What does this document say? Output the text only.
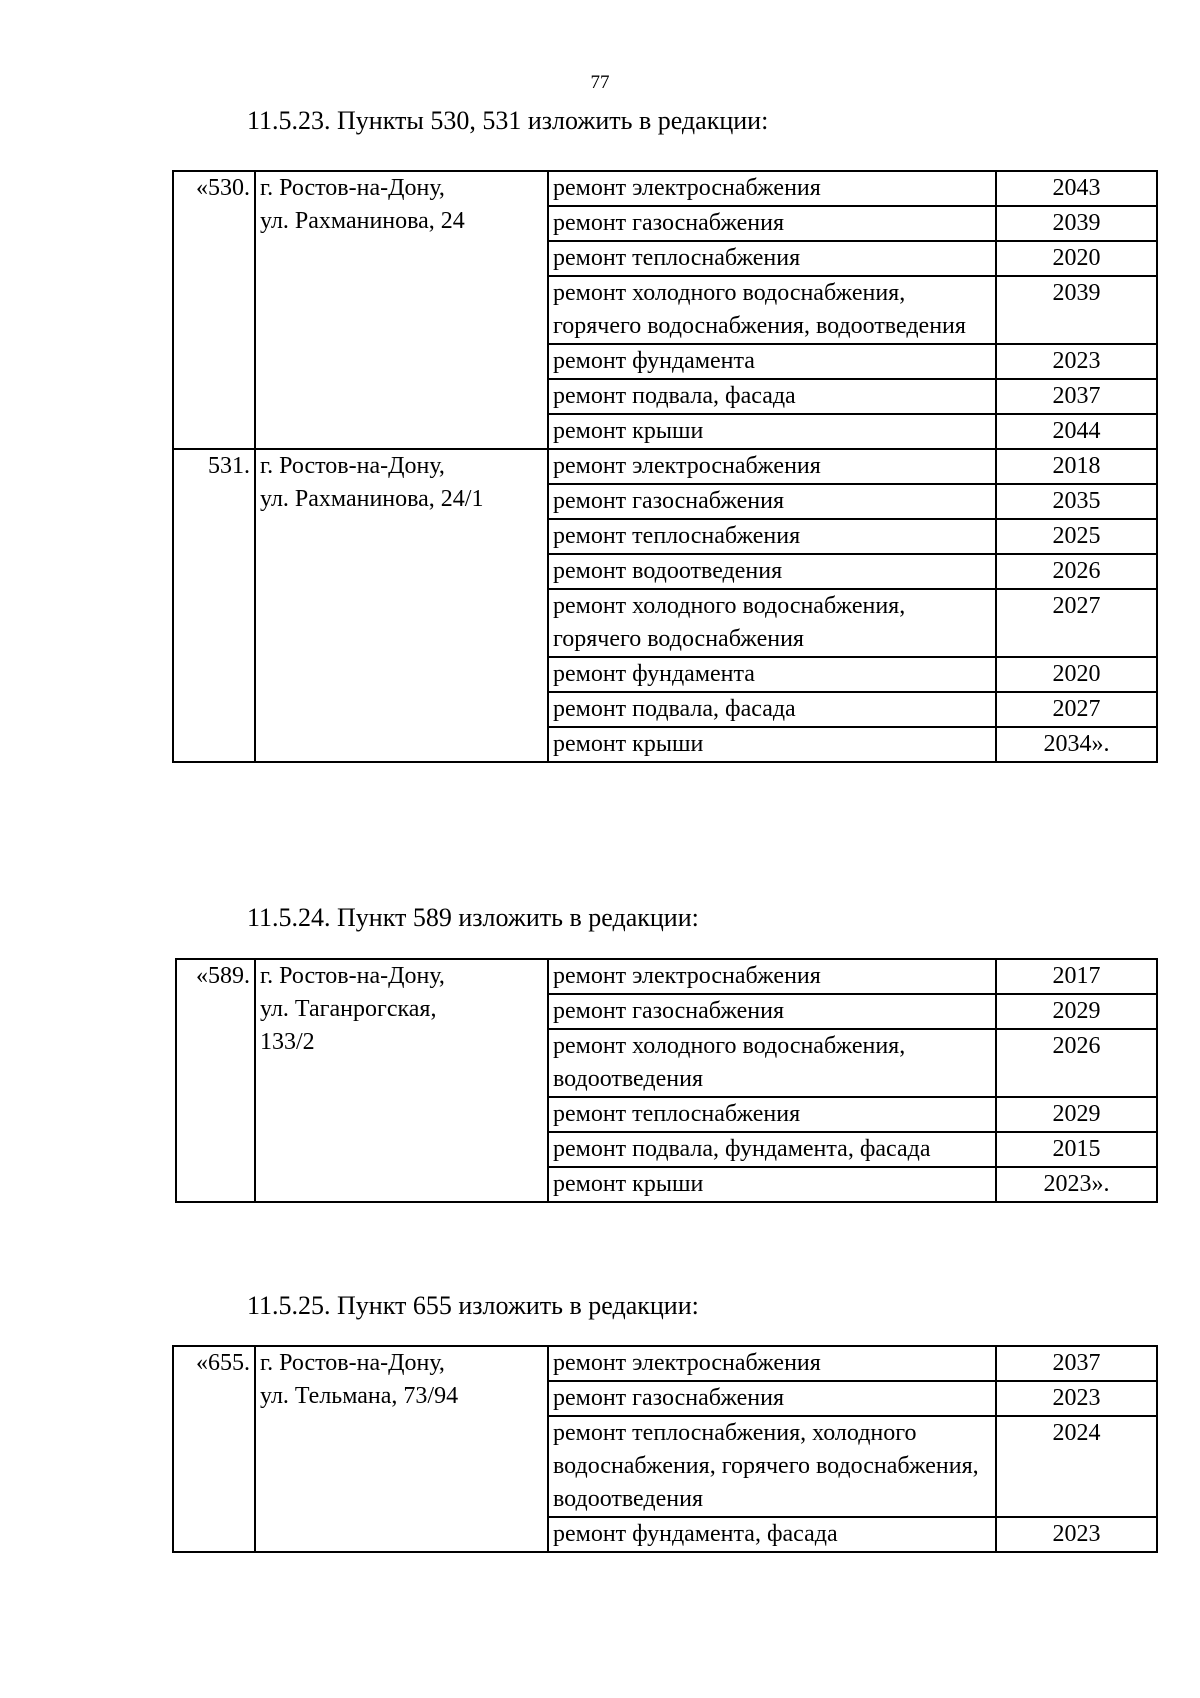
77
11.5.23. Пункты 530, 531 изложить в редакции:
«530.	г. Ростов-на-Дону,
ул. Рахманинова, 24	ремонт электроснабжения	2043
		ремонт газоснабжения	2039
		ремонт теплоснабжения	2020
		ремонт холодного водоснабжения, горячего водоснабжения, водоотведения	2039
		ремонт фундамента	2023
		ремонт подвала, фасада	2037
		ремонт крыши	2044
531.	г. Ростов-на-Дону,
ул. Рахманинова, 24/1	ремонт электроснабжения	2018
		ремонт газоснабжения	2035
		ремонт теплоснабжения	2025
		ремонт водоотведения	2026
		ремонт холодного водоснабжения, горячего водоснабжения	2027
		ремонт фундамента	2020
		ремонт подвала, фасада	2027
		ремонт крыши	2034».
11.5.24. Пункт 589 изложить в редакции:
«589.	г. Ростов-на-Дону,
ул. Таганрогская,
133/2	ремонт электроснабжения	2017
		ремонт газоснабжения	2029
		ремонт холодного водоснабжения, водоотведения	2026
		ремонт теплоснабжения	2029
		ремонт подвала, фундамента, фасада	2015
		ремонт крыши	2023».
11.5.25. Пункт 655 изложить в редакции:
«655.	г. Ростов-на-Дону,
ул. Тельмана, 73/94	ремонт электроснабжения	2037
		ремонт газоснабжения	2023
		ремонт теплоснабжения, холодного водоснабжения, горячего водоснабжения, водоотведения	2024
		ремонт фундамента, фасада	2023
